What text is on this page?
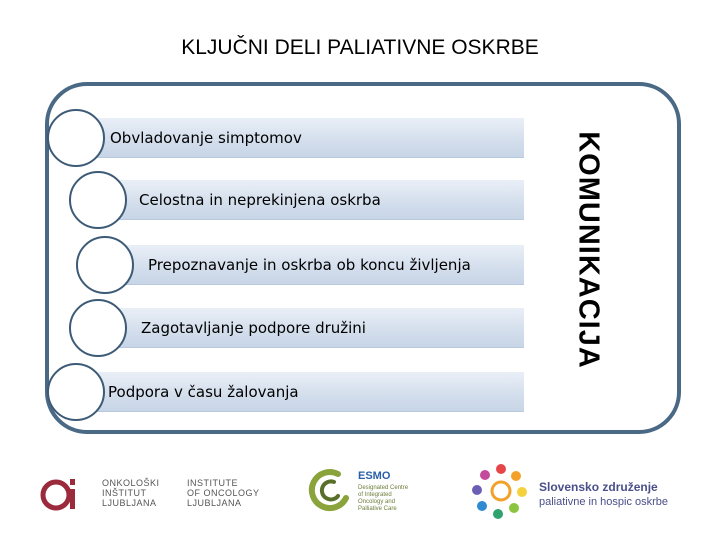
KLJUČNI DELI PALIATIVNE OSKRBE
Obvladovanje simptomov
Celostna in neprekinjena oskrba
Prepoznavanje in oskrba ob koncu življenja
Zagotavljanje podpore družini
Podpora v času žalovanja
KOMUNIKACIJA
ONKOLOŠKI
INŠTITUT
LJUBLJANA
INSTITUTE
OF ONCOLOGY
LJUBLJANA
ESMO
Designated Centre
of Integrated
Oncology and
Palliative Care
Slovensko združenje
paliativne in hospic oskrbe
